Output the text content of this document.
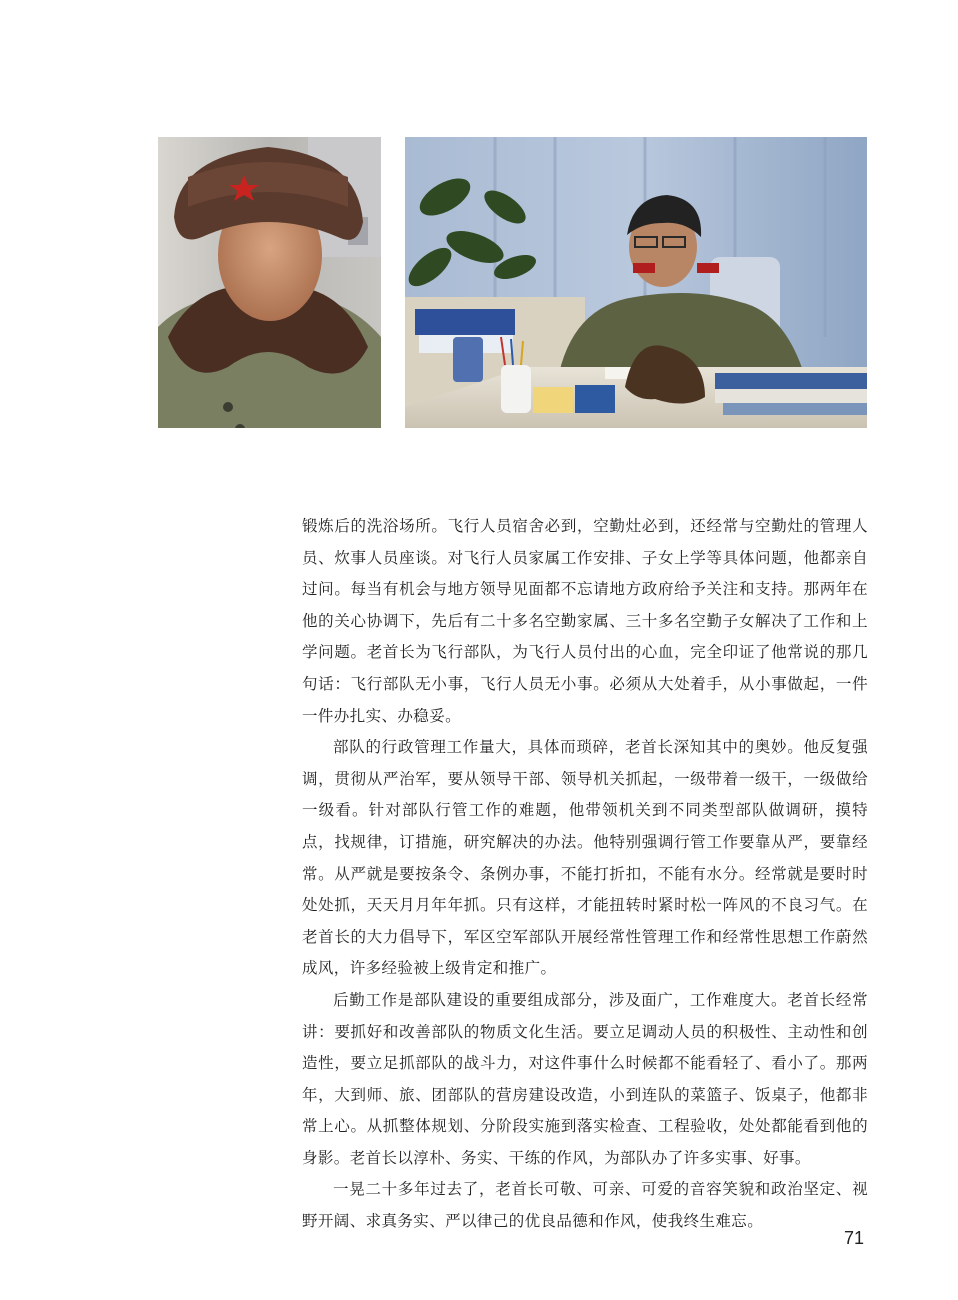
锻炼后的洗浴场所。飞行人员宿舍必到，空勤灶必到，还经常与空勤灶的管理人员、炊事人员座谈。对飞行人员家属工作安排、子女上学等具体问题，他都亲自过问。每当有机会与地方领导见面都不忘请地方政府给予关注和支持。那两年在他的关心协调下，先后有二十多名空勤家属、三十多名空勤子女解决了工作和上学问题。老首长为飞行部队，为飞行人员付出的心血，完全印证了他常说的那几句话：飞行部队无小事，飞行人员无小事。必须从大处着手，从小事做起，一件一件办扎实、办稳妥。

部队的行政管理工作量大，具体而琐碎，老首长深知其中的奥妙。他反复强调，贯彻从严治军，要从领导干部、领导机关抓起，一级带着一级干，一级做给一级看。针对部队行管工作的难题，他带领机关到不同类型部队做调研，摸特点，找规律，订措施，研究解决的办法。他特别强调行管工作要靠从严，要靠经常。从严就是要按条令、条例办事，不能打折扣，不能有水分。经常就是要时时处处抓，天天月月年年抓。只有这样，才能扭转时紧时松一阵风的不良习气。在老首长的大力倡导下，军区空军部队开展经常性管理工作和经常性思想工作蔚然成风，许多经验被上级肯定和推广。

后勤工作是部队建设的重要组成部分，涉及面广，工作难度大。老首长经常讲：要抓好和改善部队的物质文化生活。要立足调动人员的积极性、主动性和创造性，要立足抓部队的战斗力，对这件事什么时候都不能看轻了、看小了。那两年，大到师、旅、团部队的营房建设改造，小到连队的菜篮子、饭桌子，他都非常上心。从抓整体规划、分阶段实施到落实检查、工程验收，处处都能看到他的身影。老首长以淳朴、务实、干练的作风，为部队办了许多实事、好事。

一晃二十多年过去了，老首长可敬、可亲、可爱的音容笑貌和政治坚定、视野开阔、求真务实、严以律己的优良品德和作风，使我终生难忘。

71
